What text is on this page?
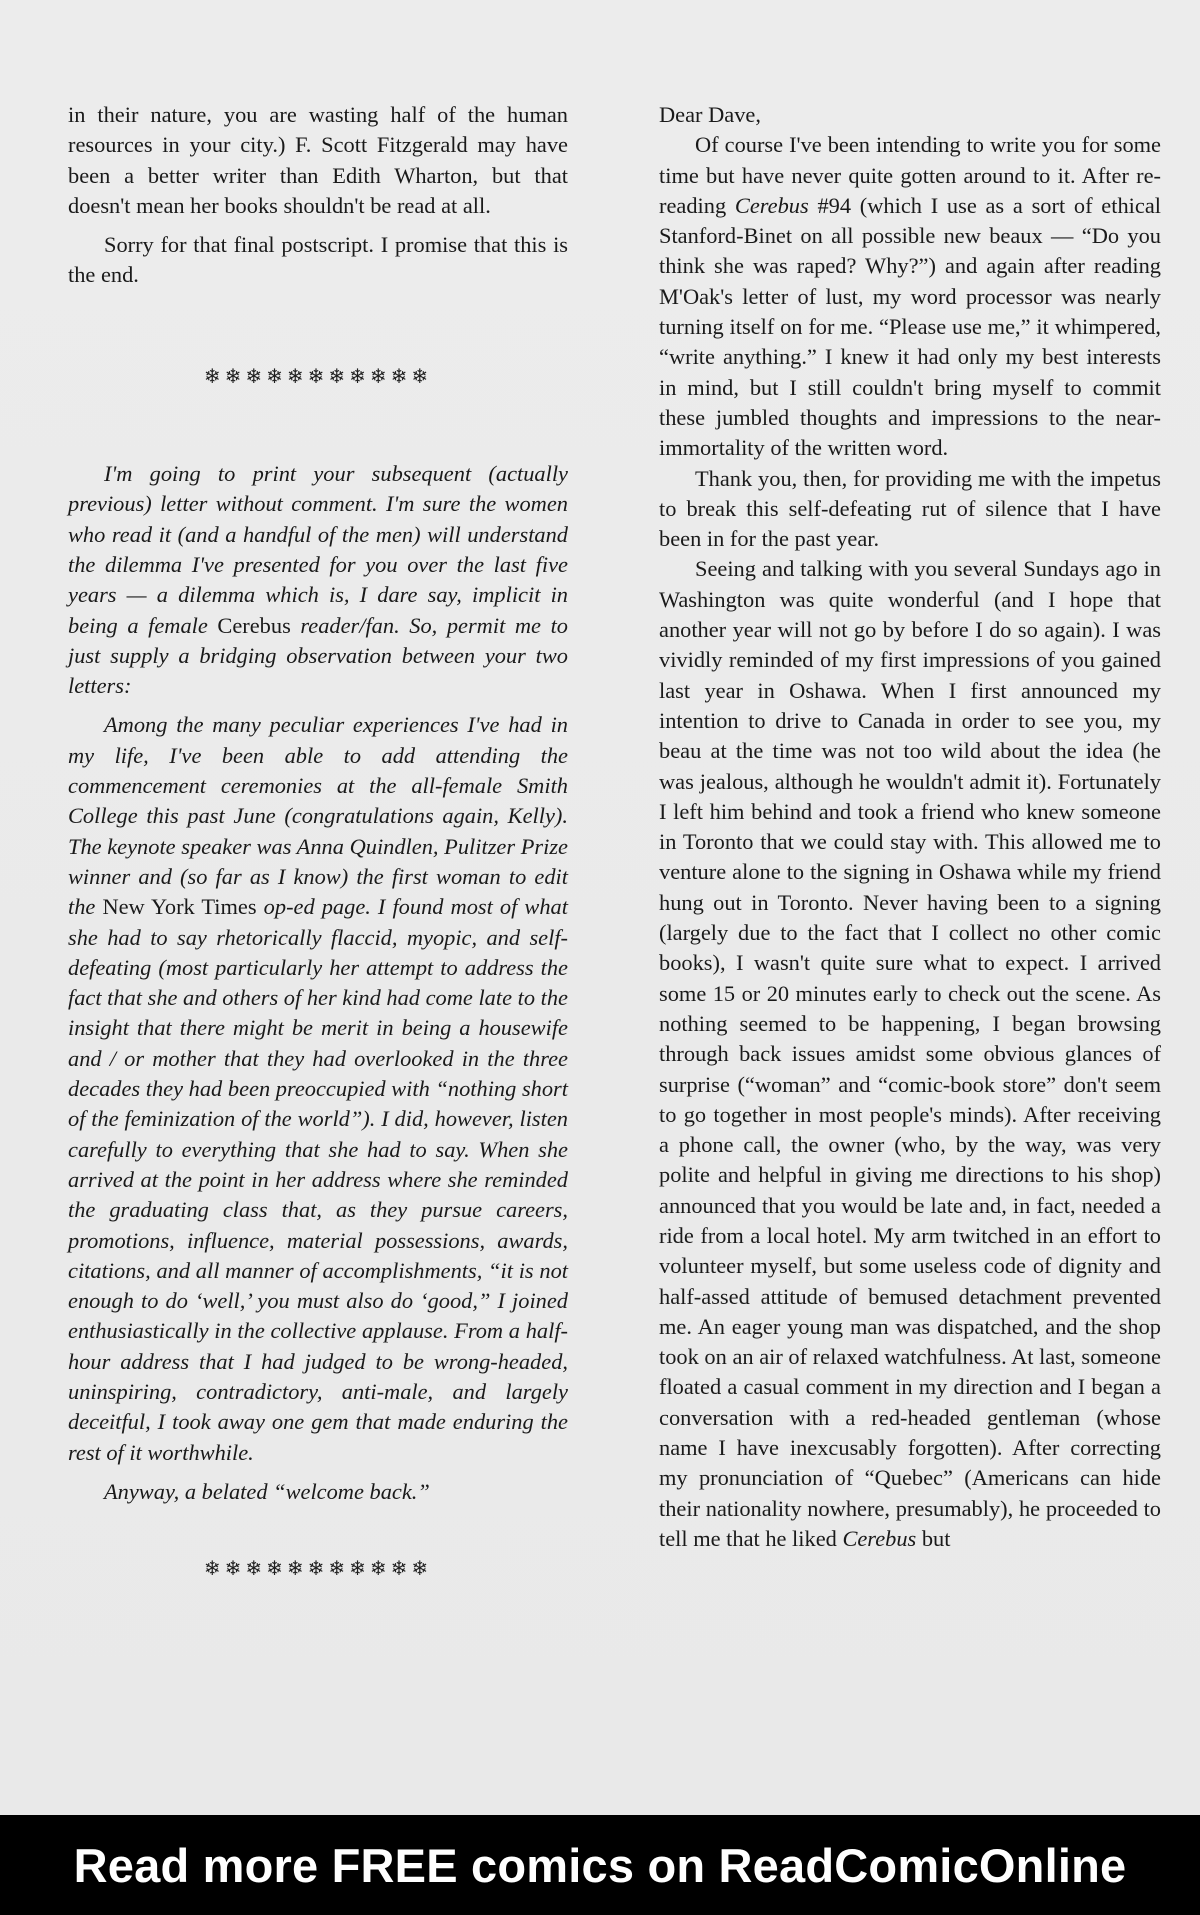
in their nature, you are wasting half of the human resources in your city.) F. Scott Fitzgerald may have been a better writer than Edith Wharton, but that doesn't mean her books shouldn't be read at all.

Sorry for that final postscript. I promise that this is the end.

❄❄❄❄❄❄❄❄❄❄❄

I'm going to print your subsequent (actually previous) letter without comment. I'm sure the women who read it (and a handful of the men) will understand the dilemma I've presented for you over the last five years — a dilemma which is, I dare say, implicit in being a female Cerebus reader/fan. So, permit me to just supply a bridging observation between your two letters:

Among the many peculiar experiences I've had in my life, I've been able to add attending the commencement ceremonies at the all-female Smith College this past June (congratulations again, Kelly). The keynote speaker was Anna Quindlen, Pulitzer Prize winner and (so far as I know) the first woman to edit the New York Times op-ed page. I found most of what she had to say rhetorically flaccid, myopic, and self-defeating (most particularly her attempt to address the fact that she and others of her kind had come late to the insight that there might be merit in being a housewife and / or mother that they had overlooked in the three decades they had been preoccupied with “nothing short of the feminization of the world”). I did, however, listen carefully to everything that she had to say. When she arrived at the point in her address where she reminded the graduating class that, as they pursue careers, promotions, influence, material possessions, awards, citations, and all manner of accomplishments, “it is not enough to do ‘well,’ you must also do ‘good,” I joined enthusiastically in the collective applause. From a half-hour address that I had judged to be wrong-headed, uninspiring, contradictory, anti-male, and largely deceitful, I took away one gem that made enduring the rest of it worthwhile.

Anyway, a belated “welcome back.”

❄❄❄❄❄❄❄❄❄❄❄

Dear Dave,

Of course I've been intending to write you for some time but have never quite gotten around to it. After re-reading Cerebus #94 (which I use as a sort of ethical Stanford-Binet on all possible new beaux — “Do you think she was raped? Why?”) and again after reading M'Oak's letter of lust, my word processor was nearly turning itself on for me. “Please use me,” it whimpered, “write anything.” I knew it had only my best interests in mind, but I still couldn't bring myself to commit these jumbled thoughts and impressions to the near-immortality of the written word.

Thank you, then, for providing me with the impetus to break this self-defeating rut of silence that I have been in for the past year.

Seeing and talking with you several Sundays ago in Washington was quite wonderful (and I hope that another year will not go by before I do so again). I was vividly reminded of my first impressions of you gained last year in Oshawa. When I first announced my intention to drive to Canada in order to see you, my beau at the time was not too wild about the idea (he was jealous, although he wouldn't admit it). Fortunately I left him behind and took a friend who knew someone in Toronto that we could stay with. This allowed me to venture alone to the signing in Oshawa while my friend hung out in Toronto. Never having been to a signing (largely due to the fact that I collect no other comic books), I wasn't quite sure what to expect. I arrived some 15 or 20 minutes early to check out the scene. As nothing seemed to be happening, I began browsing through back issues amidst some obvious glances of surprise (“woman” and “comic-book store” don't seem to go together in most people's minds). After receiving a phone call, the owner (who, by the way, was very polite and helpful in giving me directions to his shop) announced that you would be late and, in fact, needed a ride from a local hotel. My arm twitched in an effort to volunteer myself, but some useless code of dignity and half-assed attitude of bemused detachment prevented me. An eager young man was dispatched, and the shop took on an air of relaxed watchfulness. At last, someone floated a casual comment in my direction and I began a conversation with a red-headed gentleman (whose name I have inexcusably forgotten). After correcting my pronunciation of “Quebec” (Americans can hide their nationality nowhere, presumably), he proceeded to tell me that he liked Cerebus but

Read more FREE comics on ReadComicOnline
